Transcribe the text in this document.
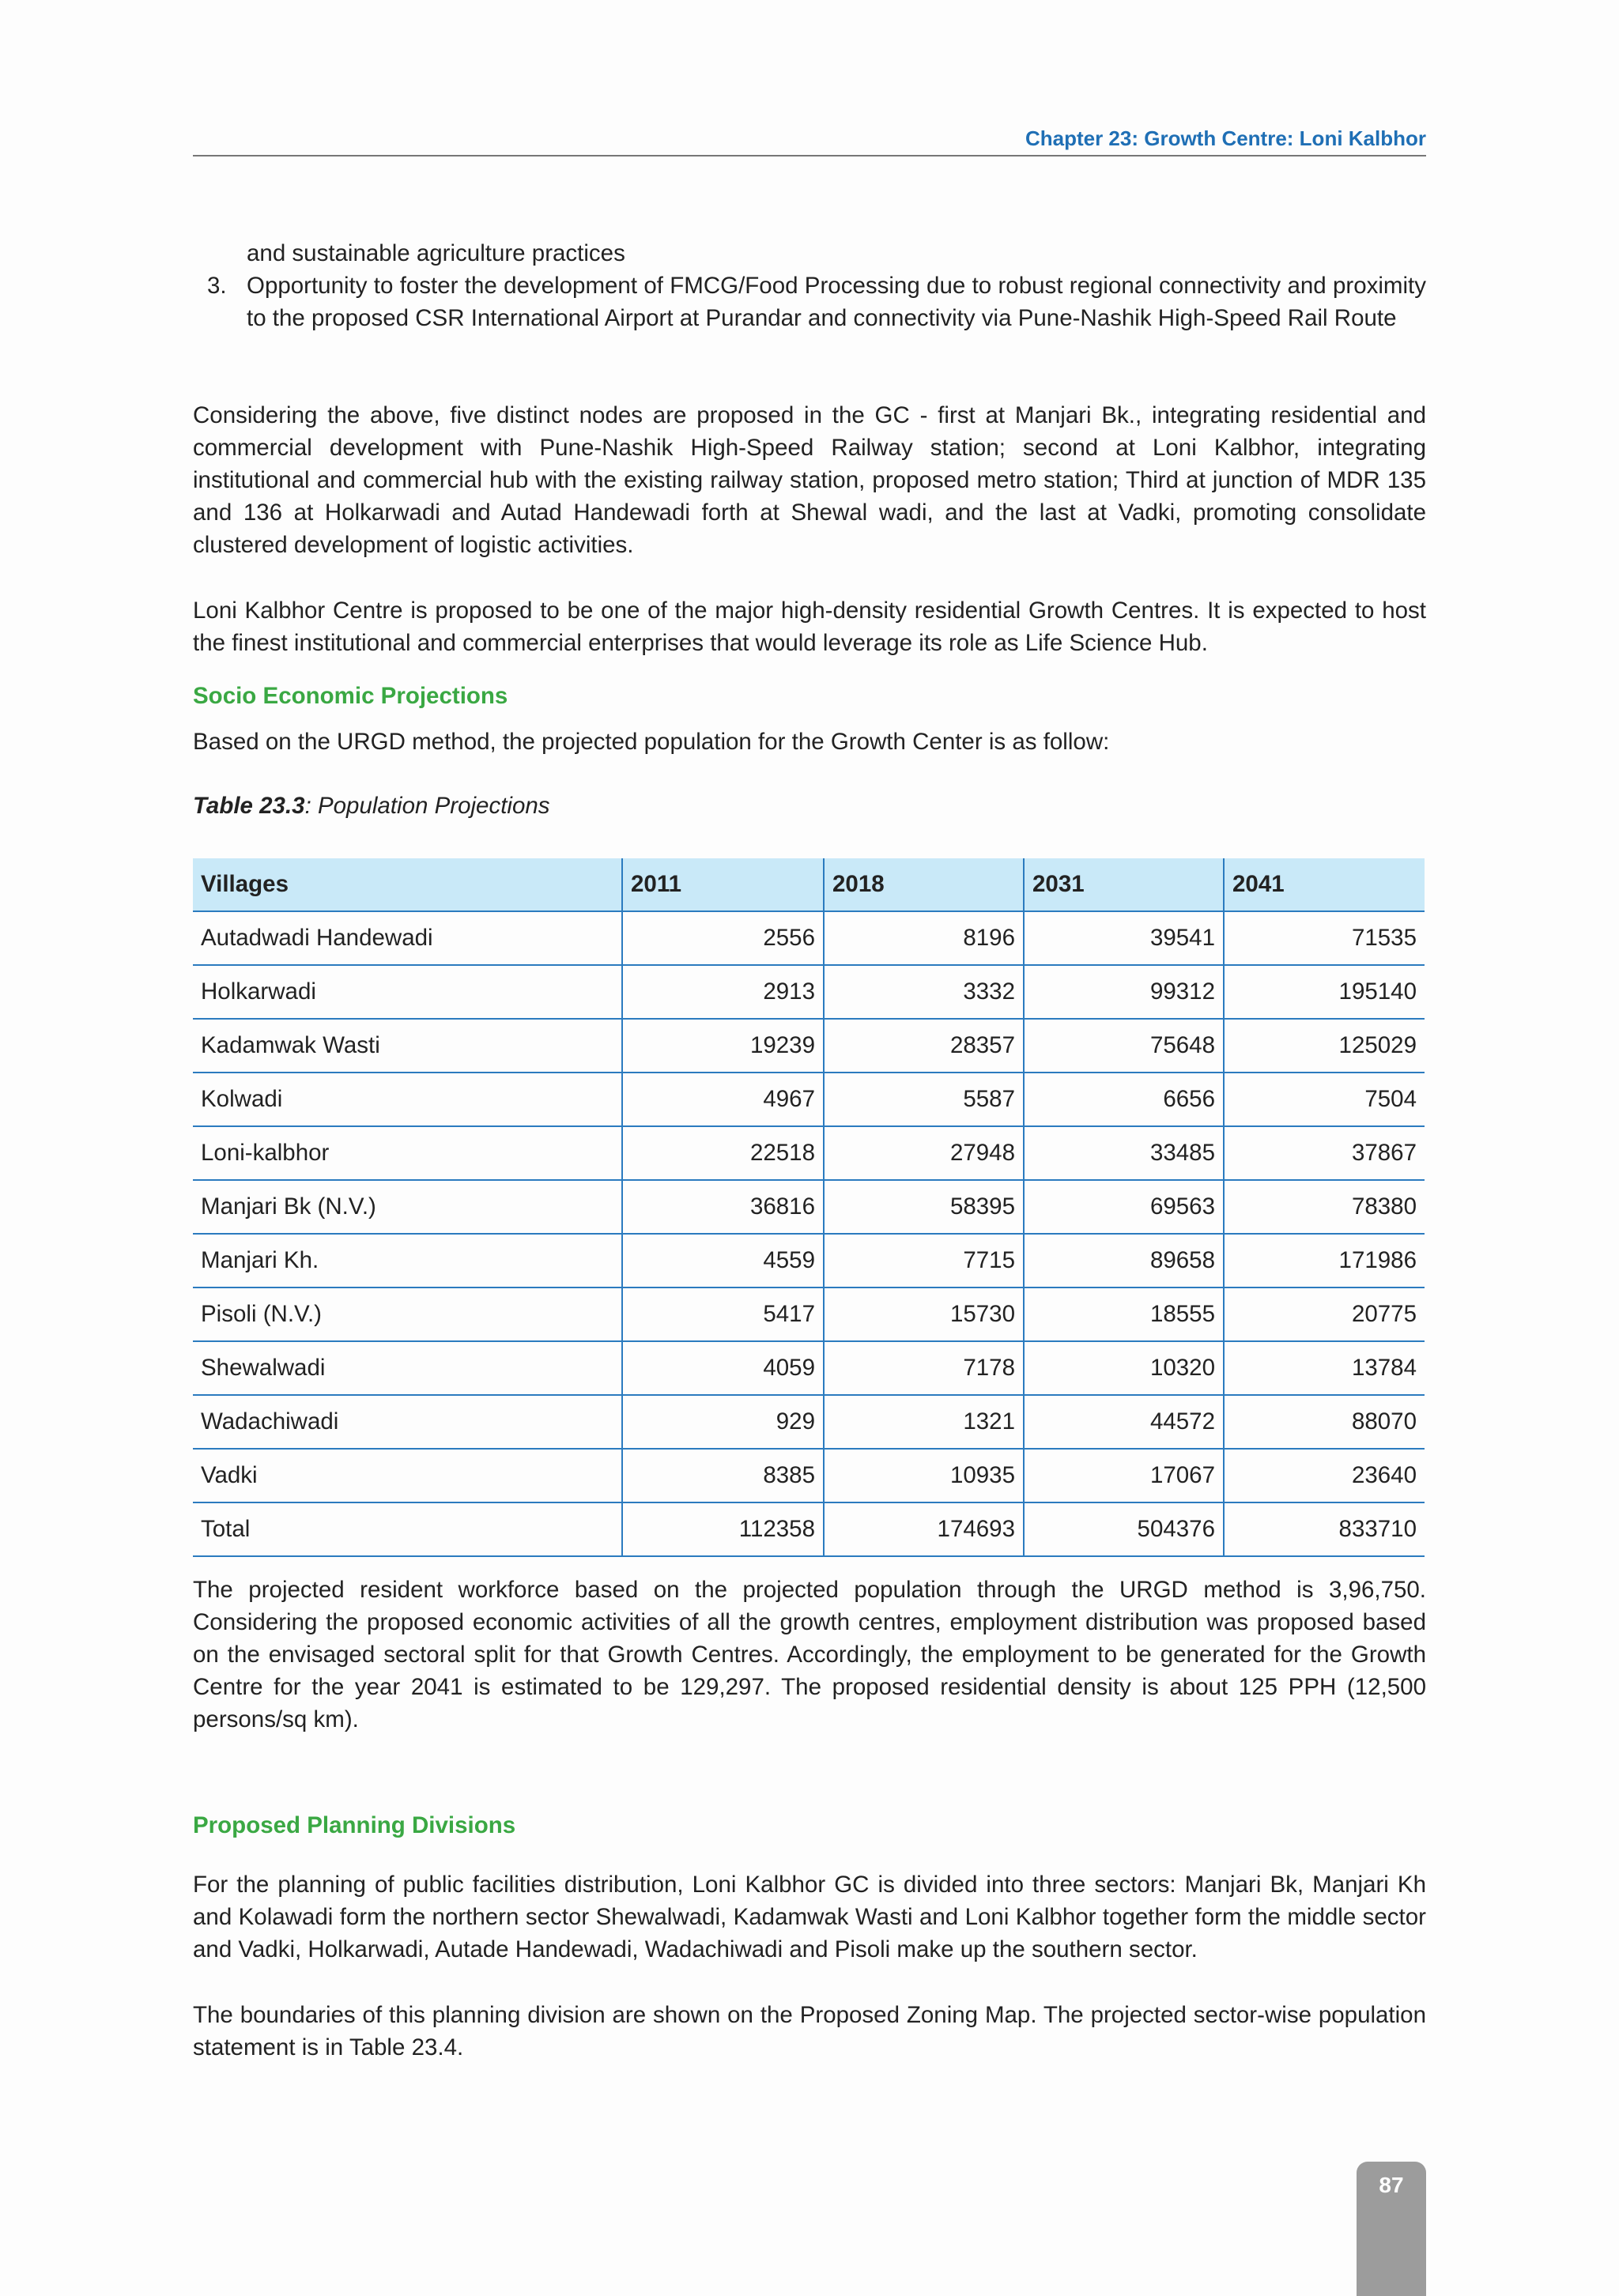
Chapter 23: Growth Centre: Loni Kalbhor
and sustainable agriculture practices
3. Opportunity to foster the development of FMCG/Food Processing due to robust regional connectivity and proximity to the proposed CSR International Airport at Purandar and connectivity via Pune-Nashik High-Speed Rail Route
Considering the above, five distinct nodes are proposed in the GC - first at Manjari Bk., integrating residential and commercial development with Pune-Nashik High-Speed Railway station; second at Loni Kalbhor, integrating institutional and commercial hub with the existing railway station, proposed metro station; Third at junction of MDR 135 and 136 at Holkarwadi and Autad Handewadi forth at Shewal wadi, and the last at Vadki, promoting consolidate clustered development of logistic activities.
Loni Kalbhor Centre is proposed to be one of the major high-density residential Growth Centres. It is expected to host the finest institutional and commercial enterprises that would leverage its role as Life Science Hub.
Socio Economic Projections
Based on the URGD method, the projected population for the Growth Center is as follow:
Table 23.3: Population Projections
Villages	2011	2018	2031	2041
Autadwadi Handewadi	2556	8196	39541	71535
Holkarwadi	2913	3332	99312	195140
Kadamwak Wasti	19239	28357	75648	125029
Kolwadi	4967	5587	6656	7504
Loni-kalbhor	22518	27948	33485	37867
Manjari Bk (N.V.)	36816	58395	69563	78380
Manjari Kh.	4559	7715	89658	171986
Pisoli (N.V.)	5417	15730	18555	20775
Shewalwadi	4059	7178	10320	13784
Wadachiwadi	929	1321	44572	88070
Vadki	8385	10935	17067	23640
Total	112358	174693	504376	833710
The projected resident workforce based on the projected population through the URGD method is 3,96,750. Considering the proposed economic activities of all the growth centres, employment distribution was proposed based on the envisaged sectoral split for that Growth Centres. Accordingly, the employment to be generated for the Growth Centre for the year 2041 is estimated to be 129,297. The proposed residential density is about 125 PPH (12,500 persons/sq km).
Proposed Planning Divisions
For the planning of public facilities distribution, Loni Kalbhor GC is divided into three sectors: Manjari Bk, Manjari Kh and Kolawadi form the northern sector Shewalwadi, Kadamwak Wasti and Loni Kalbhor together form the middle sector and Vadki, Holkarwadi, Autade Handewadi, Wadachiwadi and Pisoli make up the southern sector.
The boundaries of this planning division are shown on the Proposed Zoning Map. The projected sector-wise population statement is in Table 23.4.
87
